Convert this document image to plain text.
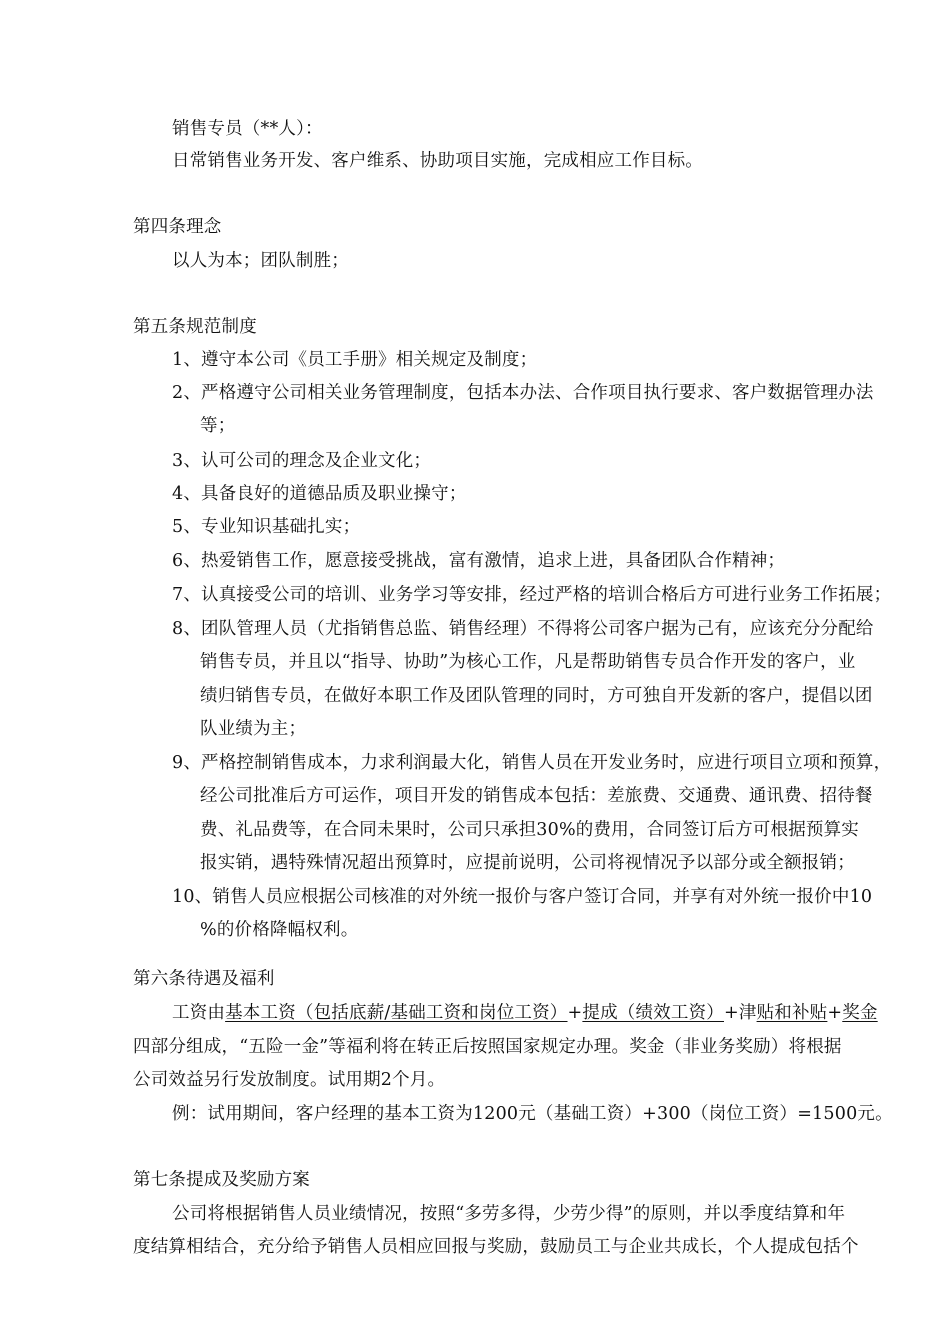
销售专员（**人）：
日常销售业务开发、客户维系、协助项目实施，完成相应工作目标。
第四条理念
以人为本；团队制胜；
第五条规范制度
1、遵守本公司《员工手册》相关规定及制度；
2、严格遵守公司相关业务管理制度，包括本办法、合作项目执行要求、客户数据管理办法
等；
3、认可公司的理念及企业文化；
4、具备良好的道德品质及职业操守；
5、专业知识基础扎实；
6、热爱销售工作，愿意接受挑战，富有激情，追求上进，具备团队合作精神；
7、认真接受公司的培训、业务学习等安排，经过严格的培训合格后方可进行业务工作拓展；
8、团队管理人员（尤指销售总监、销售经理）不得将公司客户据为己有，应该充分分配给
销售专员，并且以“指导、协助”为核心工作，凡是帮助销售专员合作开发的客户，业
绩归销售专员，在做好本职工作及团队管理的同时，方可独自开发新的客户，提倡以团
队业绩为主；
9、严格控制销售成本，力求利润最大化，销售人员在开发业务时，应进行项目立项和预算，
经公司批准后方可运作，项目开发的销售成本包括：差旅费、交通费、通讯费、招待餐
费、礼品费等，在合同未果时，公司只承担30%的费用，合同签订后方可根据预算实
报实销，遇特殊情况超出预算时，应提前说明，公司将视情况予以部分或全额报销；
10、销售人员应根据公司核准的对外统一报价与客户签订合同，并享有对外统一报价中10
%的价格降幅权利。
第六条待遇及福利
工资由基本工资（包括底薪/基础工资和岗位工资）+提成（绩效工资）+津贴和补贴+奖金
四部分组成，“五险一金”等福利将在转正后按照国家规定办理。奖金（非业务奖励）将根据
公司效益另行发放制度。试用期2个月。
例：试用期间，客户经理的基本工资为1200元（基础工资）+300（岗位工资）=1500元。
第七条提成及奖励方案
公司将根据销售人员业绩情况，按照“多劳多得，少劳少得”的原则，并以季度结算和年
度结算相结合，充分给予销售人员相应回报与奖励，鼓励员工与企业共成长，个人提成包括个
